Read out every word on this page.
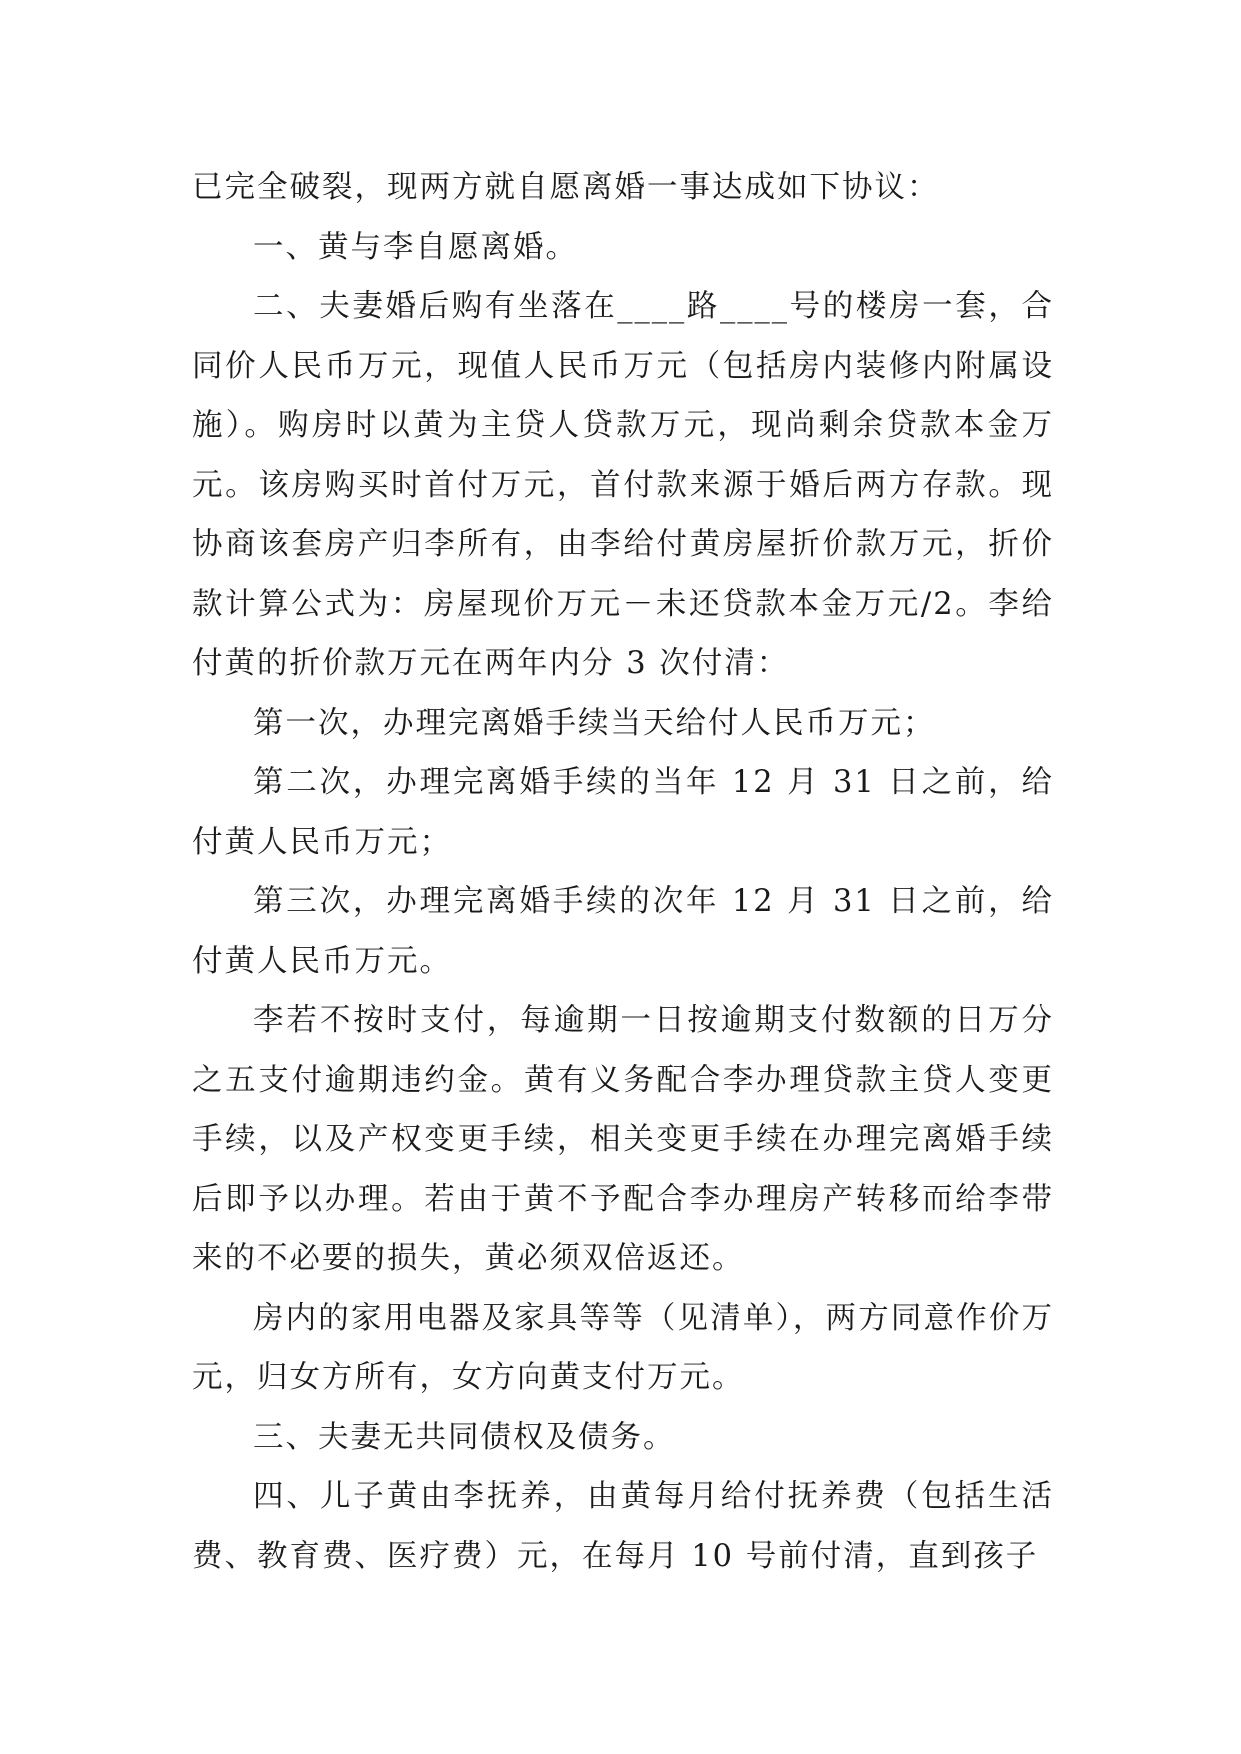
已完全破裂，现两方就自愿离婚一事达成如下协议：

一、黄与李自愿离婚。

二、夫妻婚后购有坐落在____路____号的楼房一套，合同价人民币万元，现值人民币万元（包括房内装修内附属设施）。购房时以黄为主贷人贷款万元，现尚剩余贷款本金万元。该房购买时首付万元，首付款来源于婚后两方存款。现协商该套房产归李所有，由李给付黄房屋折价款万元，折价款计算公式为：房屋现价万元－未还贷款本金万元/2。李给付黄的折价款万元在两年内分 3 次付清：

第一次，办理完离婚手续当天给付人民币万元；

第二次，办理完离婚手续的当年 12 月 31 日之前，给付黄人民币万元；

第三次，办理完离婚手续的次年 12 月 31 日之前，给付黄人民币万元。

李若不按时支付，每逾期一日按逾期支付数额的日万分之五支付逾期违约金。黄有义务配合李办理贷款主贷人变更手续，以及产权变更手续，相关变更手续在办理完离婚手续后即予以办理。若由于黄不予配合李办理房产转移而给李带来的不必要的损失，黄必须双倍返还。

房内的家用电器及家具等等（见清单），两方同意作价万元，归女方所有，女方向黄支付万元。

三、夫妻无共同债权及债务。

四、儿子黄由李抚养，由黄每月给付抚养费（包括生活费、教育费、医疗费）元，在每月 10 号前付清，直到孩子
